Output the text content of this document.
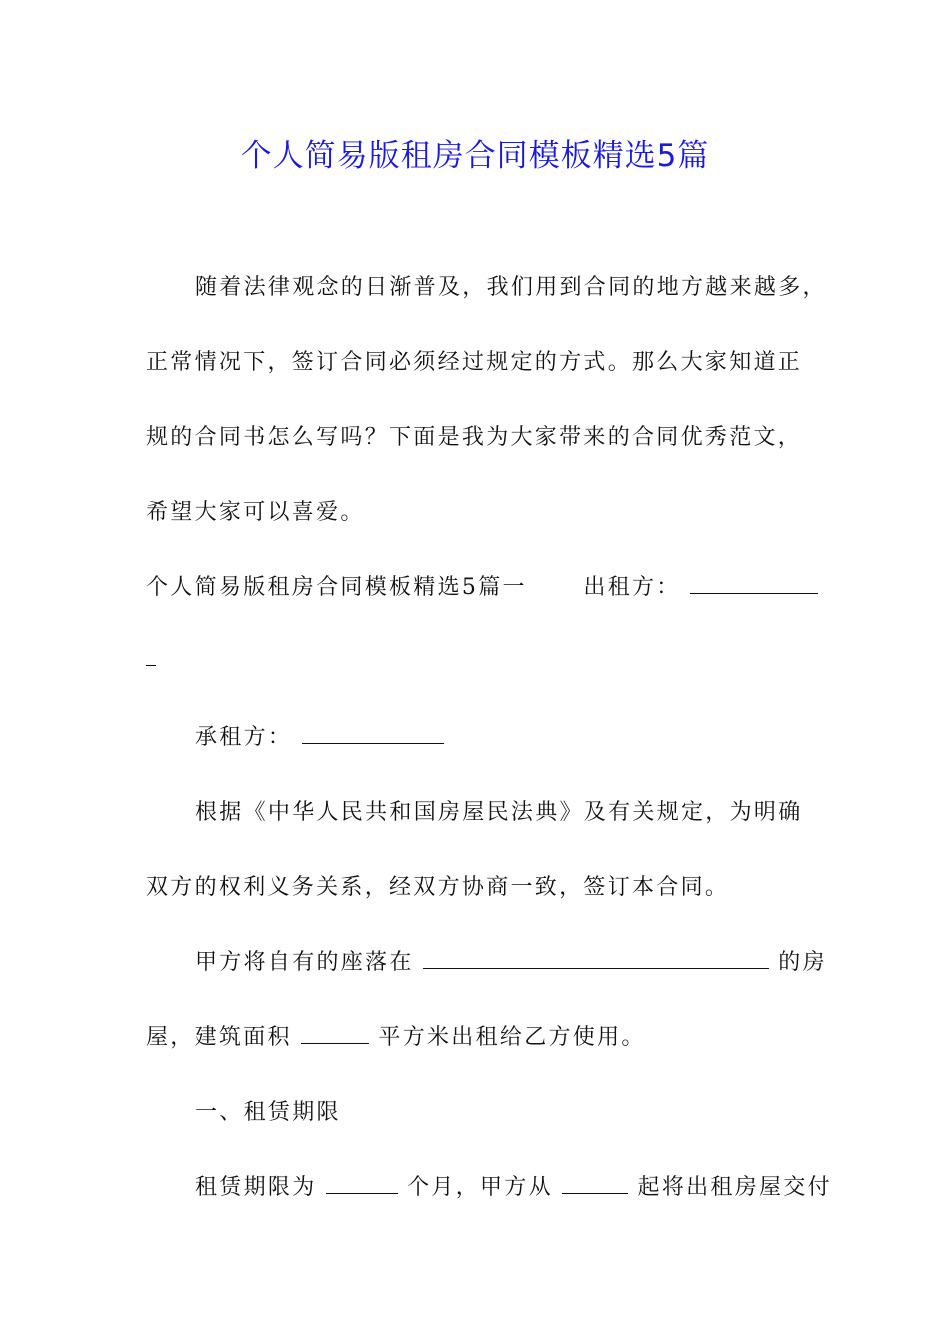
个人简易版租房合同模板精选5篇
随着法律观念的日渐普及，我们用到合同的地方越来越多，
正常情况下，签订合同必须经过规定的方式。那么大家知道正
规的合同书怎么写吗？下面是我为大家带来的合同优秀范文，
希望大家可以喜爱。
个人简易版租房合同模板精选5篇一	出租方：
承租方：
根据《中华人民共和国房屋民法典》及有关规定，为明确
双方的权利义务关系，经双方协商一致，签订本合同。
甲方将自有的座落在	的房
屋，建筑面积	平方米出租给乙方使用。
一、租赁期限
租赁期限为	个月，甲方从	起将出租房屋交付
